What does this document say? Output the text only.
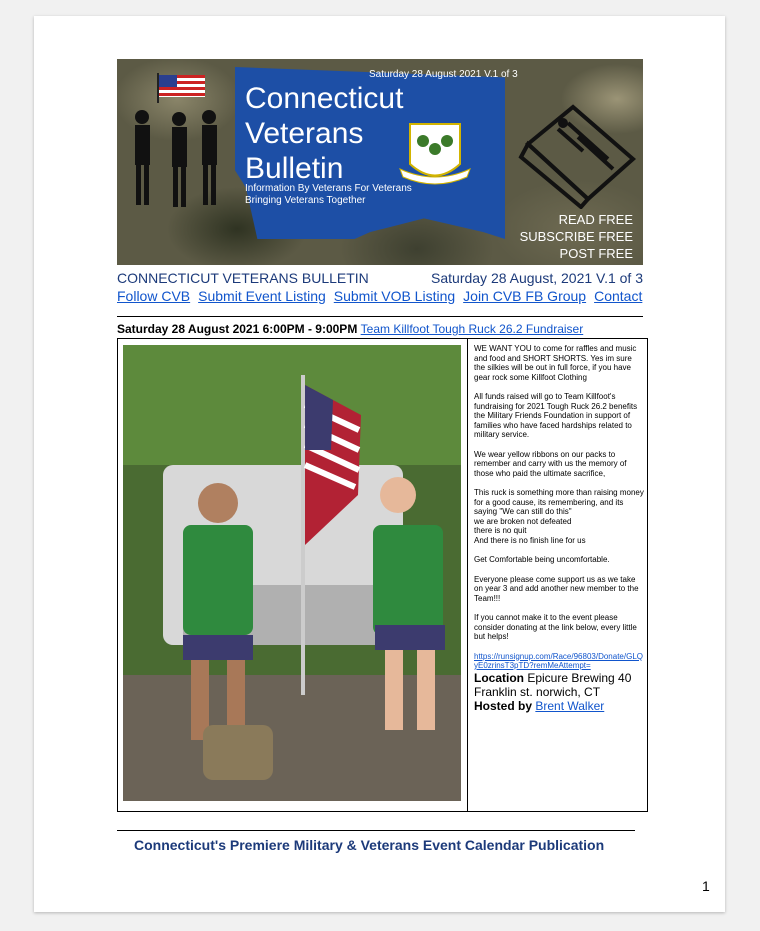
Saturday 28 August 2021 V.1 of 3
Connecticut
Veterans
Bulletin
Information By Veterans For Veterans
Bringing Veterans Together
READ FREE
SUBSCRIBE FREE
POST FREE
CONNECTICUT VETERANS BULLETIN	Saturday 28 August, 2021 V.1 of 3
Follow CVB Submit Event Listing Submit VOB Listing Join CVB FB Group Contact
Saturday 28 August 2021 6:00PM - 9:00PM Team Killfoot Tough Ruck 26.2 Fundraiser

WE WANT YOU to come for raffles and music and food and SHORT SHORTS. Yes im sure the silkies will be out in full force, if you have gear rock some Killfoot Clothing

All funds raised will go to Team Killfoot's fundraising for 2021 Tough Ruck 26.2 benefits the Military Friends Foundation in support of families who have faced hardships related to military service.

We wear yellow ribbons on our packs to remember and carry with us the memory of those who paid the ultimate sacrifice,

This ruck is something more than raising money for a good cause, its remembering, and its saying "We can still do this"
we are broken not defeated
there is no quit
And there is no finish line for us

Get Comfortable being uncomfortable.

Everyone please come support us as we take on year 3 and add another new member to the Team!!!

If you cannot make it to the event please consider donating at the link below, every little but helps!

https://runsignup.com/Race/96803/Donate/GLQyE0zrinsT3pTD?remMeAttempt=

Location Epicure Brewing 40 Franklin st. norwich, CT

Hosted by Brent Walker

Connecticut's Premiere Military & Veterans Event Calendar Publication
1
